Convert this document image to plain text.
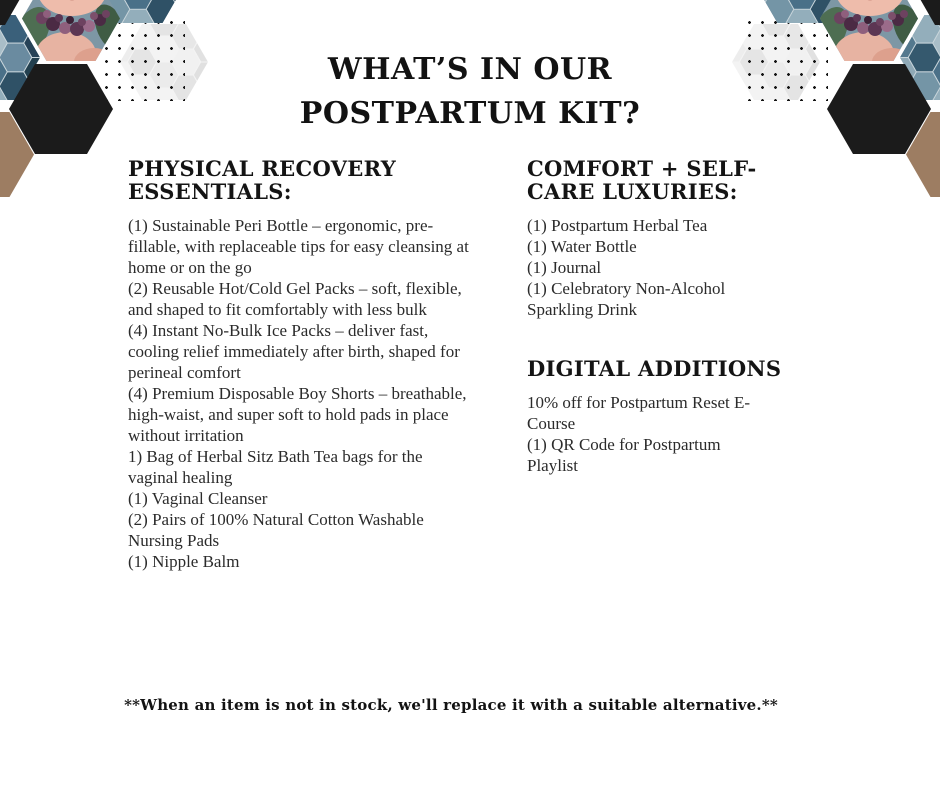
WHAT’S IN OUR
POSTPARTUM KIT?
PHYSICAL RECOVERY
ESSENTIALS:
(1) Sustainable Peri Bottle – ergonomic, pre-fillable, with replaceable tips for easy cleansing at home or on the go
(2) Reusable Hot/Cold Gel Packs – soft, flexible, and shaped to fit comfortably with less bulk
(4) Instant No-Bulk Ice Packs – deliver fast, cooling relief immediately after birth, shaped for perineal comfort
(4) Premium Disposable Boy Shorts – breathable, high-waist, and super soft to hold pads in place without irritation
1) Bag of Herbal Sitz Bath Tea bags for the vaginal healing
(1) Vaginal Cleanser
(2) Pairs of 100% Natural Cotton Washable Nursing Pads
(1) Nipple Balm
COMFORT + SELF-
CARE LUXURIES:
(1) Postpartum Herbal Tea
(1) Water Bottle
(1) Journal
(1) Celebratory Non-Alcohol Sparkling Drink
DIGITAL ADDITIONS
10% off for Postpartum Reset E-Course
(1) QR Code for Postpartum Playlist
**When an item is not in stock, we'll replace it with a suitable alternative.**
